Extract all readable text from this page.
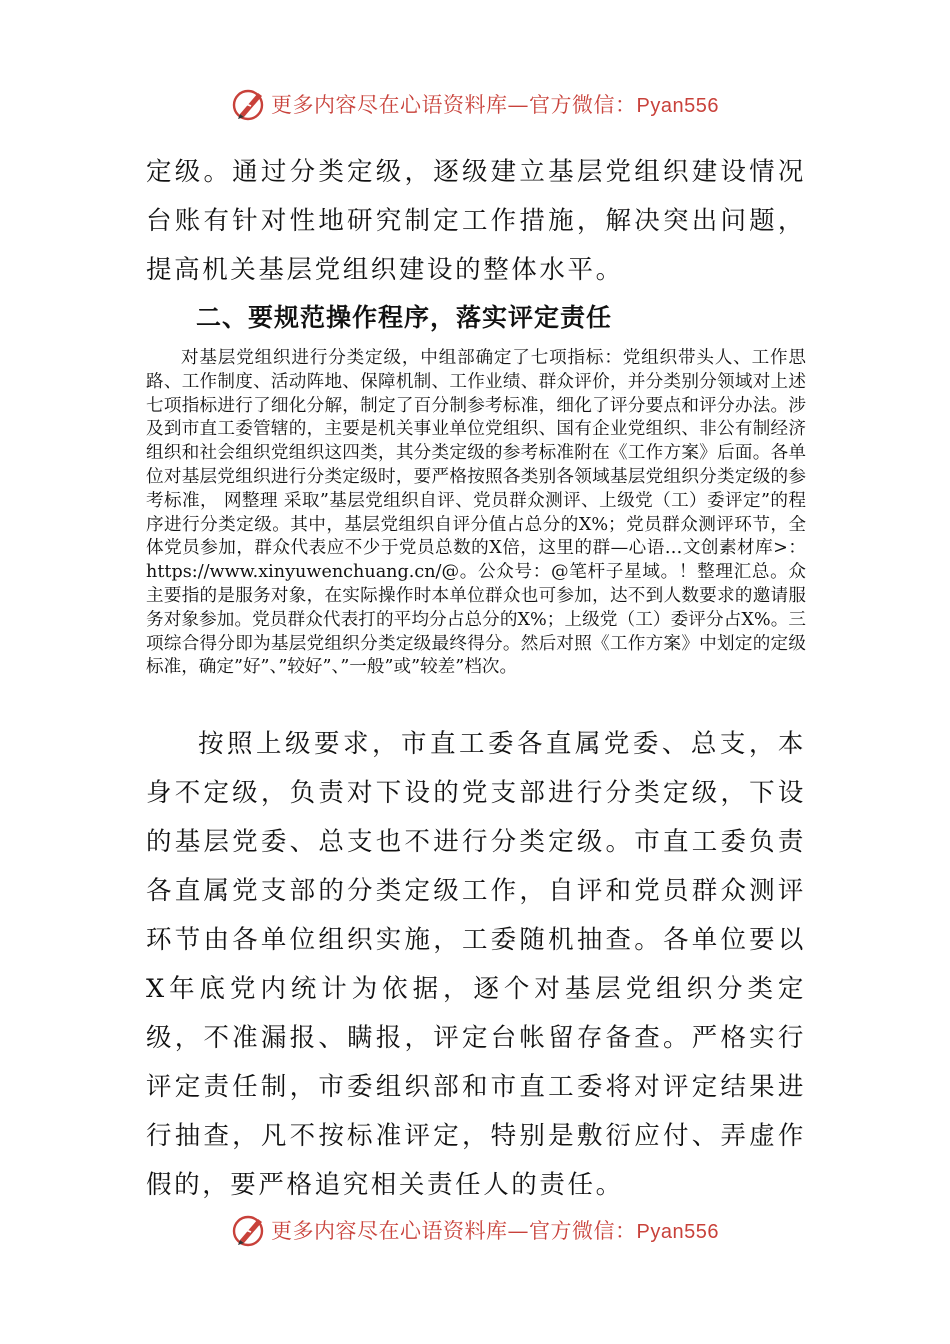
更多内容尽在心语资料库—官方微信：Pyan556

定级。通过分类定级，逐级建立基层党组织建设情况台账有针对性地研究制定工作措施，解决突出问题，提高机关基层党组织建设的整体水平。

二、要规范操作程序，落实评定责任

对基层党组织进行分类定级，中组部确定了七项指标：党组织带头人、工作思路、工作制度、活动阵地、保障机制、工作业绩、群众评价，并分类别分领域对上述七项指标进行了细化分解，制定了百分制参考标准，细化了评分要点和评分办法。涉及到市直工委管辖的，主要是机关事业单位党组织、国有企业党组织、非公有制经济组织和社会组织党组织这四类，其分类定级的参考标准附在《工作方案》后面。各单位对基层党组织进行分类定级时，要严格按照各类别各领域基层党组织分类定级的参考标准， 网整理 采取”基层党组织自评、党员群众测评、上级党（工）委评定”的程序进行分类定级。其中，基层党组织自评分值占总分的X%；党员群众测评环节，全体党员参加，群众代表应不少于党员总数的X倍，这里的群—心语…文创素材库>：https://www.xinyuwenchuang.cn/@。公众号：@笔杆子星域。！整理汇总。众主要指的是服务对象，在实际操作时本单位群众也可参加，达不到人数要求的邀请服务对象参加。党员群众代表打的平均分占总分的X%；上级党（工）委评分占X%。三项综合得分即为基层党组织分类定级最终得分。然后对照《工作方案》中划定的定级标准，确定”好”、”较好”、”一般”或”较差”档次。

按照上级要求，市直工委各直属党委、总支，本身不定级，负责对下设的党支部进行分类定级，下设的基层党委、总支也不进行分类定级。市直工委负责各直属党支部的分类定级工作，自评和党员群众测评环节由各单位组织实施，工委随机抽查。各单位要以X年底党内统计为依据，逐个对基层党组织分类定级，不准漏报、瞒报，评定台帐留存备查。严格实行评定责任制，市委组织部和市直工委将对评定结果进行抽查，凡不按标准评定，特别是敷衍应付、弄虚作假的，要严格追究相关责任人的责任。

更多内容尽在心语资料库—官方微信：Pyan556
